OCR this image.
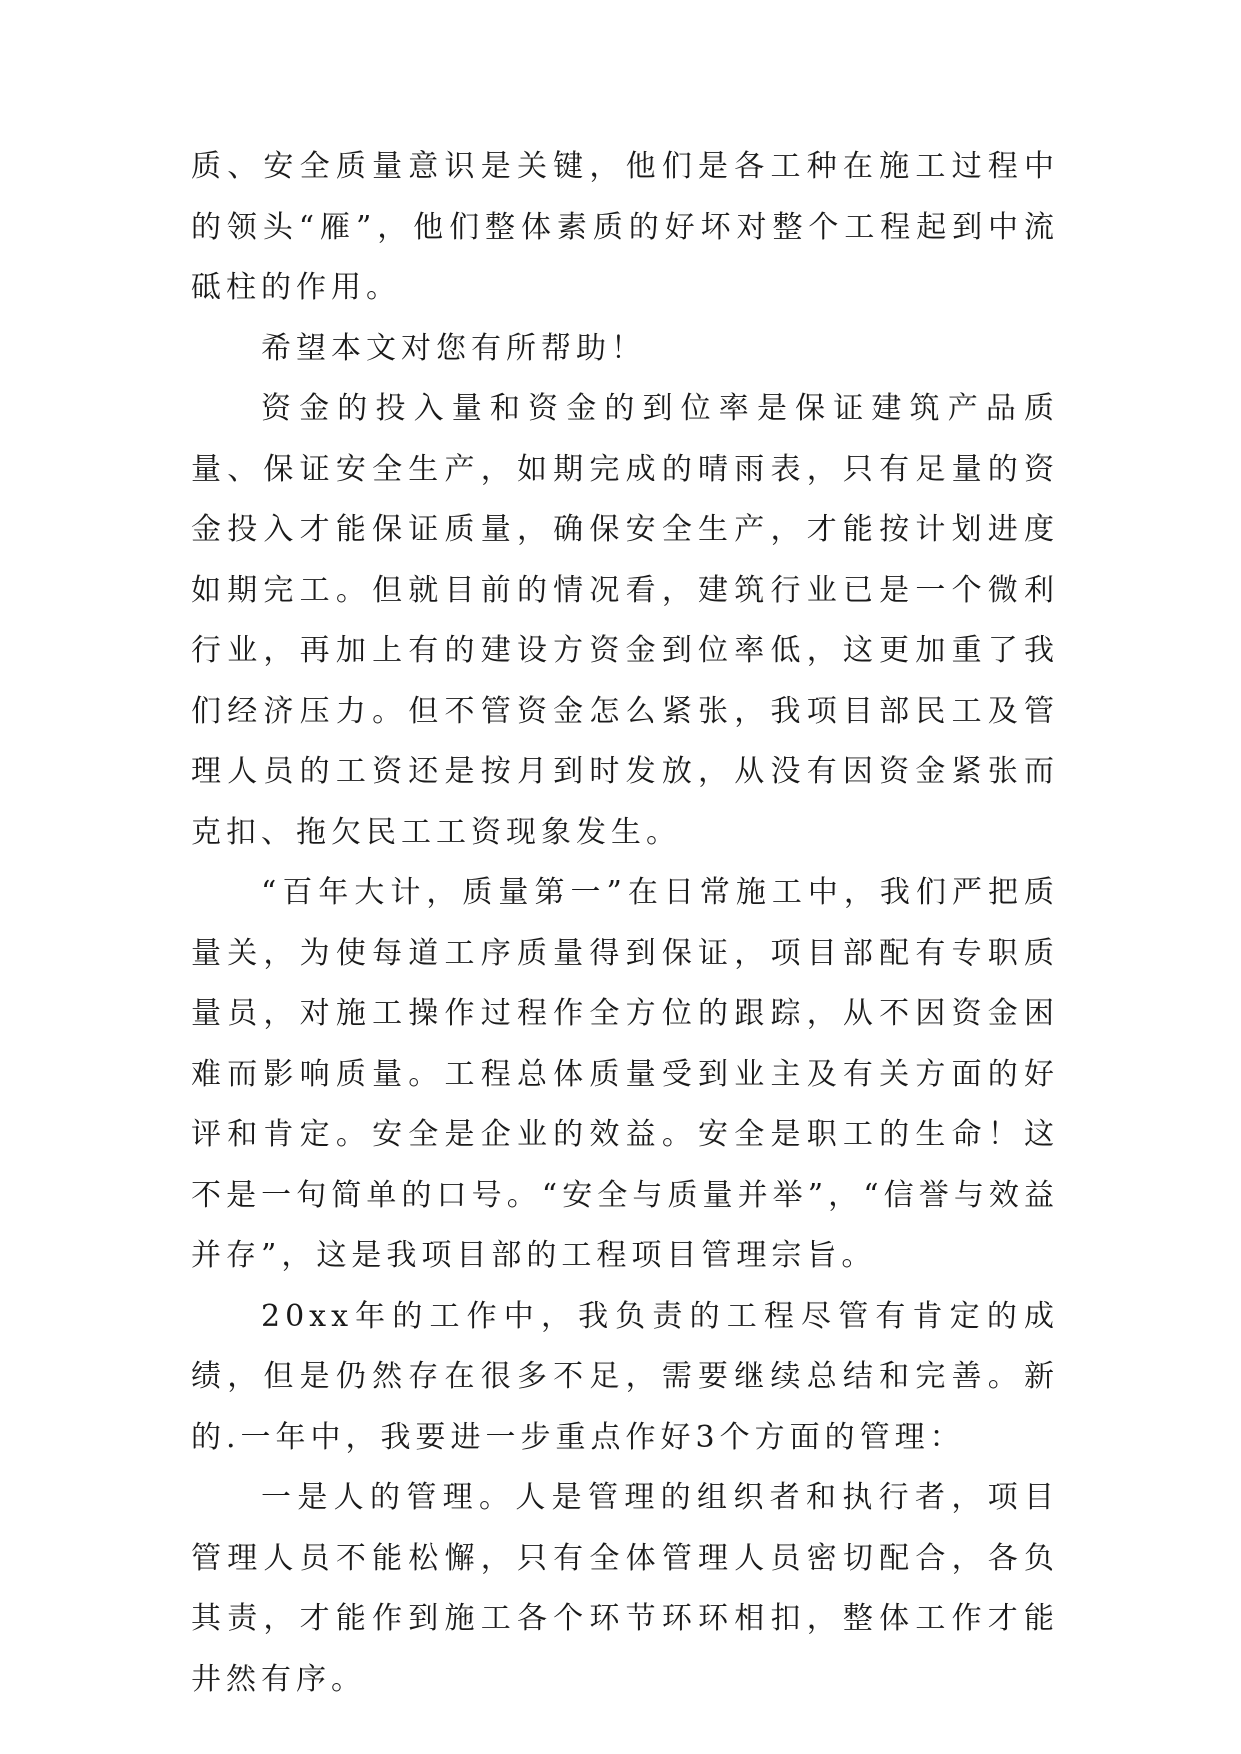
质、安全质量意识是关键，他们是各工种在施工过程中的领头“雁”，他们整体素质的好坏对整个工程起到中流砥柱的作用。

希望本文对您有所帮助！

资金的投入量和资金的到位率是保证建筑产品质量、保证安全生产，如期完成的晴雨表，只有足量的资金投入才能保证质量，确保安全生产，才能按计划进度如期完工。但就目前的情况看，建筑行业已是一个微利行业，再加上有的建设方资金到位率低，这更加重了我们经济压力。但不管资金怎么紧张，我项目部民工及管理人员的工资还是按月到时发放，从没有因资金紧张而克扣、拖欠民工工资现象发生。

“百年大计，质量第一”在日常施工中，我们严把质量关，为使每道工序质量得到保证，项目部配有专职质量员，对施工操作过程作全方位的跟踪，从不因资金困难而影响质量。工程总体质量受到业主及有关方面的好评和肯定。安全是企业的效益。安全是职工的生命！这不是一句简单的口号。“安全与质量并举”，“信誉与效益并存”，这是我项目部的工程项目管理宗旨。

20xx年的工作中，我负责的工程尽管有肯定的成绩，但是仍然存在很多不足，需要继续总结和完善。新的.一年中，我要进一步重点作好3个方面的管理：

一是人的管理。人是管理的组织者和执行者，项目管理人员不能松懈，只有全体管理人员密切配合，各负其责，才能作到施工各个环节环环相扣，整体工作才能井然有序。
